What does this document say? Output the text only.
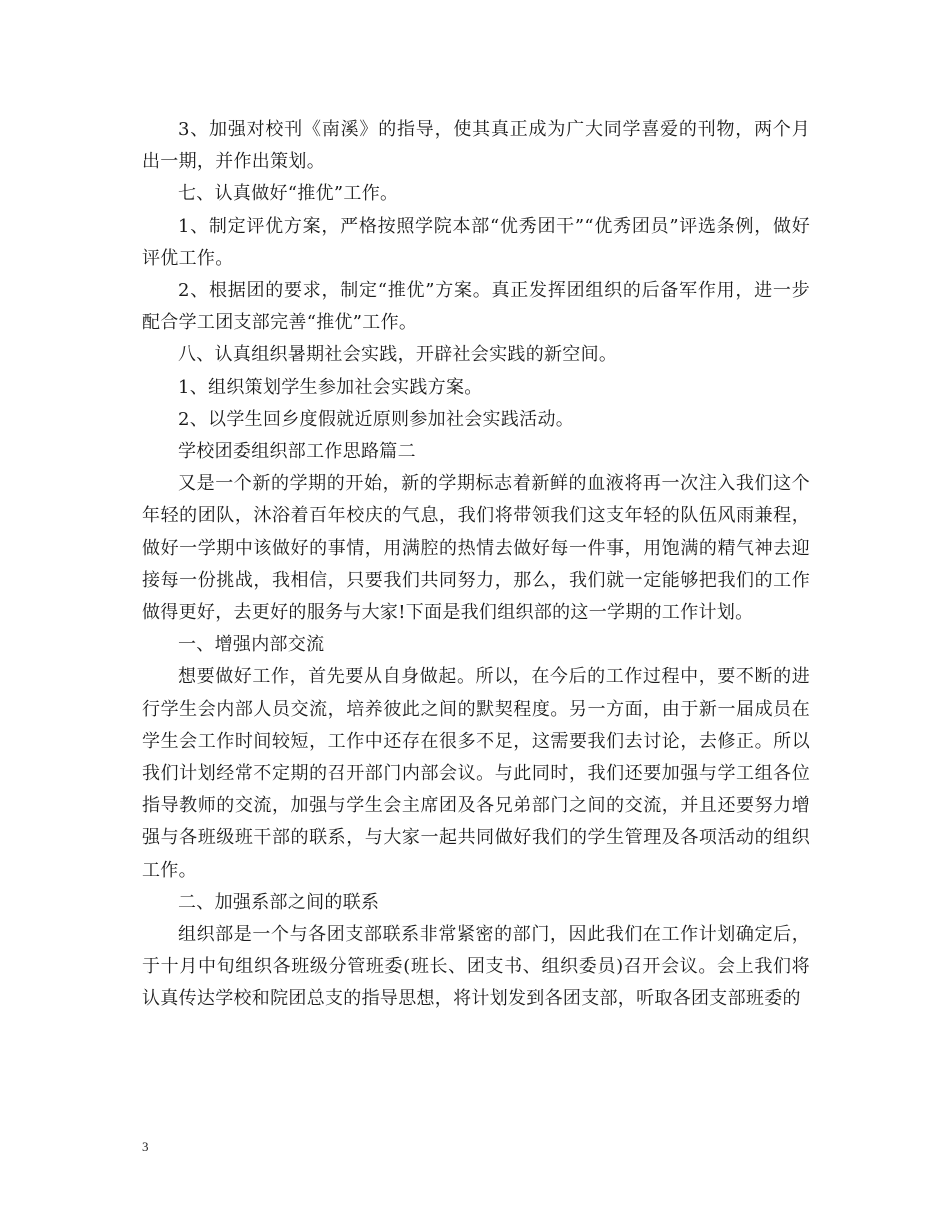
3、加强对校刊《南溪》的指导，使其真正成为广大同学喜爱的刊物，两个月出一期，并作出策划。

七、认真做好“推优”工作。

1、制定评优方案，严格按照学院本部“优秀团干”“优秀团员”评选条例，做好评优工作。

2、根据团的要求，制定“推优”方案。真正发挥团组织的后备军作用，进一步配合学工团支部完善“推优”工作。

八、认真组织暑期社会实践，开辟社会实践的新空间。

1、组织策划学生参加社会实践方案。

2、以学生回乡度假就近原则参加社会实践活动。

学校团委组织部工作思路篇二

又是一个新的学期的开始，新的学期标志着新鲜的血液将再一次注入我们这个年轻的团队，沐浴着百年校庆的气息，我们将带领我们这支年轻的队伍风雨兼程，做好一学期中该做好的事情，用满腔的热情去做好每一件事，用饱满的精气神去迎接每一份挑战，我相信，只要我们共同努力，那么，我们就一定能够把我们的工作做得更好，去更好的服务与大家!下面是我们组织部的这一学期的工作计划。

一、增强内部交流

想要做好工作，首先要从自身做起。所以，在今后的工作过程中，要不断的进行学生会内部人员交流，培养彼此之间的默契程度。另一方面，由于新一届成员在学生会工作时间较短，工作中还存在很多不足，这需要我们去讨论，去修正。所以我们计划经常不定期的召开部门内部会议。与此同时，我们还要加强与学工组各位指导教师的交流，加强与学生会主席团及各兄弟部门之间的交流，并且还要努力增强与各班级班干部的联系，与大家一起共同做好我们的学生管理及各项活动的组织工作。

二、加强系部之间的联系

组织部是一个与各团支部联系非常紧密的部门，因此我们在工作计划确定后，于十月中旬组织各班级分管班委(班长、团支书、组织委员)召开会议。会上我们将认真传达学校和院团总支的指导思想，将计划发到各团支部，听取各团支部班委的

3
